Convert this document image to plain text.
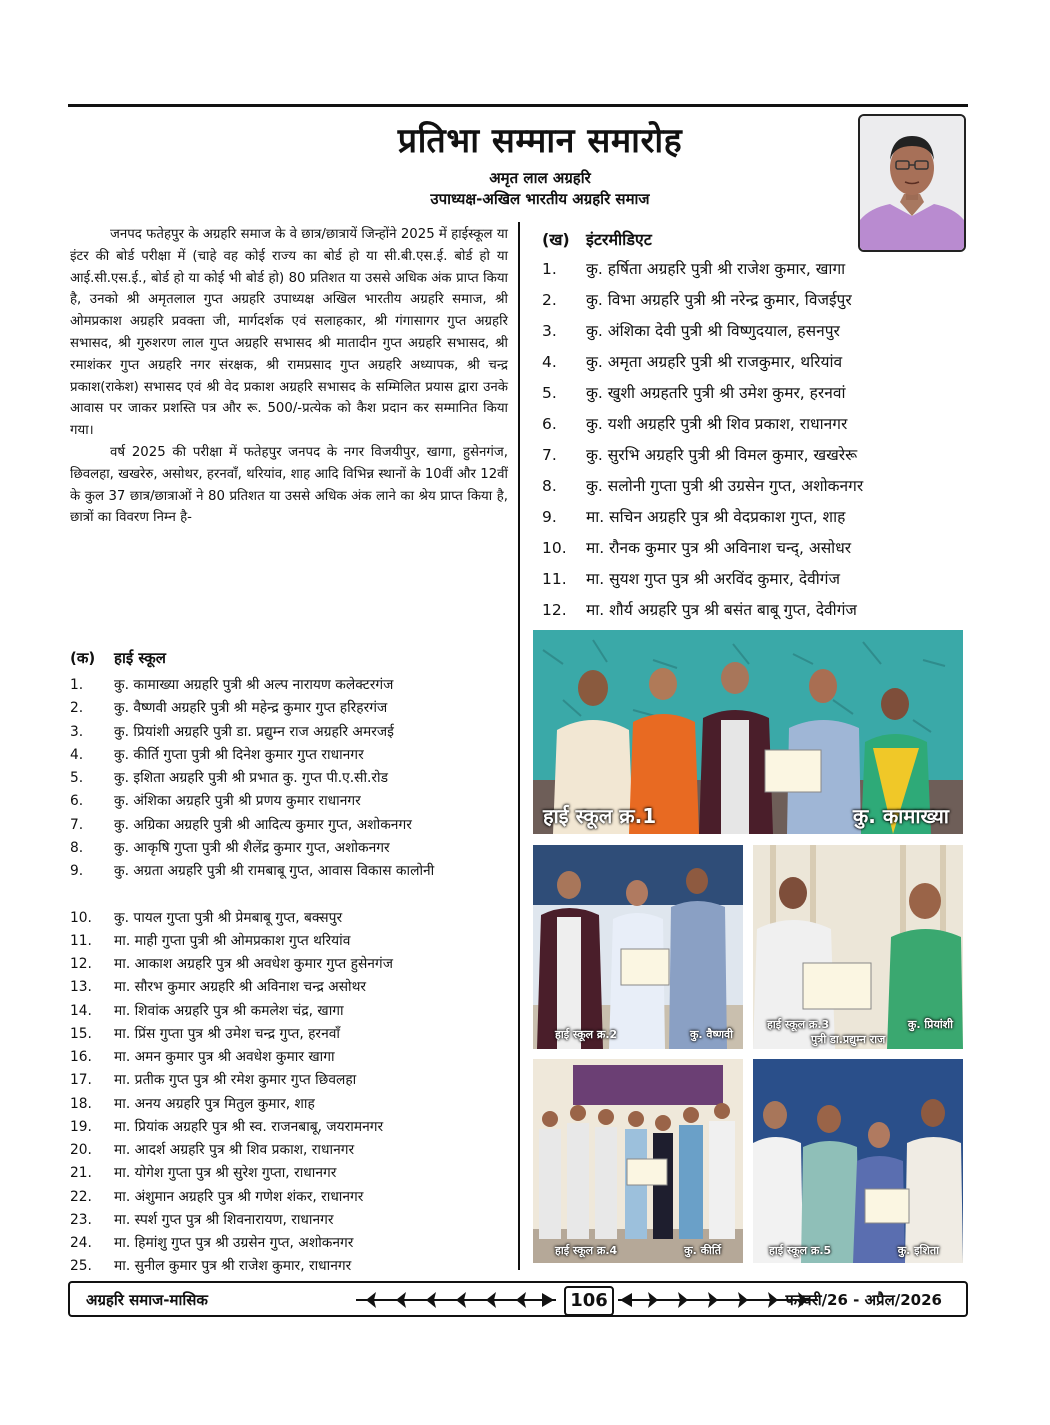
प्रतिभा सम्मान समारोह
अमृत लाल अग्रहरि
उपाध्यक्ष-अखिल भारतीय अग्रहरि समाज

जनपद फतेहपुर के अग्रहरि समाज के वे छात्र/छात्रायें जिन्होंने 2025 में हाईस्कूल या इंटर की बोर्ड परीक्षा में (चाहे वह कोई राज्य का बोर्ड हो या सी.बी.एस.ई. बोर्ड हो या आई.सी.एस.ई., बोर्ड हो या कोई भी बोर्ड हो) 80 प्रतिशत या उससे अधिक अंक प्राप्त किया है, उनको श्री अमृतलाल गुप्त अग्रहरि उपाध्यक्ष अखिल भारतीय अग्रहरि समाज, श्री ओमप्रकाश अग्रहरि प्रवक्ता जी, मार्गदर्शक एवं सलाहकार, श्री गंगासागर गुप्त अग्रहरि सभासद, श्री गुरुशरण लाल गुप्त अग्रहरि सभासद श्री मातादीन गुप्त अग्रहरि सभासद, श्री रमाशंकर गुप्त अग्रहरि नगर संरक्षक, श्री रामप्रसाद गुप्त अग्रहरि अध्यापक, श्री चन्द्र प्रकाश(राकेश) सभासद एवं श्री वेद प्रकाश अग्रहरि सभासद के सम्मिलित प्रयास द्वारा उनके आवास पर जाकर प्रशस्ति पत्र और रू. 500/-प्रत्येक को कैश प्रदान कर सम्मानित किया गया।

वर्ष 2025 की परीक्षा में फतेहपुर जनपद के नगर विजयीपुर, खागा, हुसेनगंज, छिवलहा, खखरेरु, असोथर, हरनवाँ, थरियांव, शाह आदि विभिन्न स्थानों के 10वीं और 12वीं के कुल 37 छात्र/छात्राओं ने 80 प्रतिशत या उससे अधिक अंक लाने का श्रेय प्राप्त किया है, छात्रों का विवरण निम्न है-

(क) हाई स्कूल
1.	कु. कामाख्या अग्रहरि पुत्री श्री अल्प नारायण कलेक्टरगंज
2.	कु. वैष्णवी अग्रहरि पुत्री श्री महेन्द्र कुमार गुप्त हरिहरगंज
3.	कु. प्रियांशी अग्रहरि पुत्री डा. प्रद्युम्न राज अग्रहरि अमरजई
4.	कु. कीर्ति गुप्ता पुत्री श्री दिनेश कुमार गुप्त राधानगर
5.	कु. इशिता अग्रहरि पुत्री श्री प्रभात कु. गुप्त पी.ए.सी.रोड
6.	कु. अंशिका अग्रहरि पुत्री श्री प्रणय कुमार राधानगर
7.	कु. अग्रिका अग्रहरि पुत्री श्री आदित्य कुमार गुप्त, अशोकनगर
8.	कु. आकृषि गुप्ता पुत्री श्री शैलेंद्र कुमार गुप्त, अशोकनगर
9.	कु. अग्रता अग्रहरि पुत्री श्री रामबाबू गुप्त, आवास विकास कालोनी
10.	कु. पायल गुप्ता पुत्री श्री प्रेमबाबू गुप्त, बक्सपुर
11.	मा. माही गुप्ता पुत्री श्री ओमप्रकाश गुप्त थरियांव
12.	मा. आकाश अग्रहरि पुत्र श्री अवधेश कुमार गुप्त हुसेनगंज
13.	मा. सौरभ कुमार अग्रहरि श्री अविनाश चन्द्र असोथर
14.	मा. शिवांक अग्रहरि पुत्र श्री कमलेश चंद्र, खागा
15.	मा. प्रिंस गुप्ता पुत्र श्री उमेश चन्द्र गुप्त, हरनवाँ
16.	मा. अमन कुमार पुत्र श्री अवधेश कुमार खागा
17.	मा. प्रतीक गुप्त पुत्र श्री रमेश कुमार गुप्त छिवलहा
18.	मा. अनय अग्रहरि पुत्र मितुल कुमार, शाह
19.	मा. प्रियांक अग्रहरि पुत्र श्री स्व. राजनबाबू, जयरामनगर
20.	मा. आदर्श अग्रहरि पुत्र श्री शिव प्रकाश, राधानगर
21.	मा. योगेश गुप्ता पुत्र श्री सुरेश गुप्ता, राधानगर
22.	मा. अंशुमान अग्रहरि पुत्र श्री गणेश शंकर, राधानगर
23.	मा. स्पर्श गुप्त पुत्र श्री शिवनारायण, राधानगर
24.	मा. हिमांशु गुप्त पुत्र श्री उग्रसेन गुप्त, अशोकनगर
25.	मा. सुनील कुमार पुत्र श्री राजेश कुमार, राधानगर
(ख) इंटरमीडिएट
1.	कु. हर्षिता अग्रहरि पुत्री श्री राजेश कुमार, खागा
2.	कु. विभा अग्रहरि पुत्री श्री नरेन्द्र कुमार, विजईपुर
3.	कु. अंशिका देवी पुत्री श्री विष्णुदयाल, हसनपुर
4.	कु. अमृता अग्रहरि पुत्री श्री राजकुमार, थरियांव
5.	कु. खुशी अग्रहतरि पुत्री श्री उमेश कुमर, हरनवां
6.	कु. यशी अग्रहरि पुत्री श्री शिव प्रकाश, राधानगर
7.	कु. सुरभि अग्रहरि पुत्री श्री विमल कुमार, खखरेरू
8.	कु. सलोनी गुप्ता पुत्री श्री उग्रसेन गुप्त, अशोकनगर
9.	मा. सचिन अग्रहरि पुत्र श्री वेदप्रकाश गुप्त, शाह
10.	मा. रौनक कुमार पुत्र श्री अविनाश चन्द्, असोधर
11.	मा. सुयश गुप्त पुत्र श्री अरविंद कुमार, देवीगंज
12.	मा. शौर्य अग्रहरि पुत्र श्री बसंत बाबू गुप्त, देवीगंज
हाई स्कूल क्र.1	कु. कामाख्या
हाई स्कूल क्र.2	कु. वैष्णवी
हाई स्कूल क्र.3	कु. प्रियांशी
पुत्री डा.प्रद्युम्न राज
हाई स्कूल क्र.4	कु. कीर्ति	हाई स्कूल क्र.5	कु. इशिता
अग्रहरि समाज-मासिक	106	फरवरी/26 - अप्रैल/2026
